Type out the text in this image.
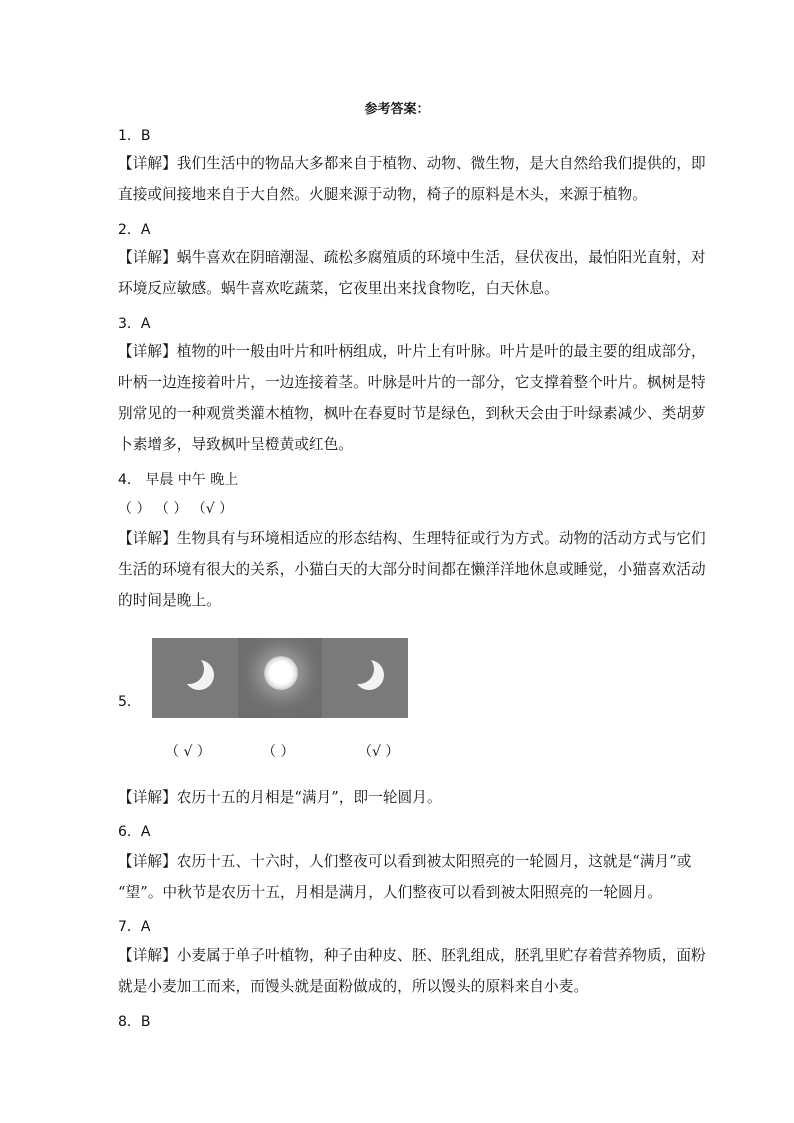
参考答案：
1．B
【详解】我们生活中的物品大多都来自于植物、动物、微生物，是大自然给我们提供的，即
直接或间接地来自于大自然。火腿来源于动物，椅子的原料是木头，来源于植物。
2．A
【详解】蜗牛喜欢在阴暗潮湿、疏松多腐殖质的环境中生活，昼伏夜出，最怕阳光直射，对
环境反应敏感。蜗牛喜欢吃蔬菜，它夜里出来找食物吃，白天休息。
3．A
【详解】植物的叶一般由叶片和叶柄组成，叶片上有叶脉。叶片是叶的最主要的组成部分，
叶柄一边连接着叶片，一边连接着茎。叶脉是叶片的一部分，它支撑着整个叶片。枫树是特
别常见的一种观赏类灌木植物，枫叶在春夏时节是绿色，到秋天会由于叶绿素减少、类胡萝
卜素增多，导致枫叶呈橙黄或红色。
4． 早晨 中午 晚上
（ ） （ ） （√ ）
【详解】生物具有与环境相适应的形态结构、生理特征或行为方式。动物的活动方式与它们
生活的环境有很大的关系，小猫白天的大部分时间都在懒洋洋地休息或睡觉，小猫喜欢活动
的时间是晚上。
5．
（ √ ）	（ ）	（√ ）
【详解】农历十五的月相是“满月”，即一轮圆月。
6．A
【详解】农历十五、十六时，人们整夜可以看到被太阳照亮的一轮圆月，这就是“满月”或
“望”。中秋节是农历十五，月相是满月，人们整夜可以看到被太阳照亮的一轮圆月。
7．A
【详解】小麦属于单子叶植物，种子由种皮、胚、胚乳组成，胚乳里贮存着营养物质，面粉
就是小麦加工而来，而馒头就是面粉做成的，所以馒头的原料来自小麦。
8．B
